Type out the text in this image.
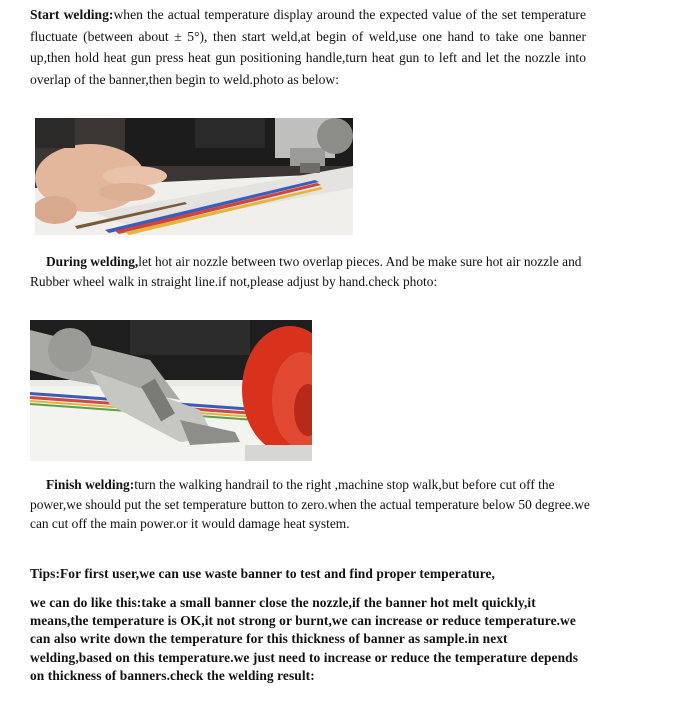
Start welding:when the actual temperature display around the expected value of the set temperature fluctuate (between about ± 5°), then start weld,at begin of weld,use one hand to take one banner up,then hold heat gun press heat gun positioning handle,turn heat gun to left and let the nozzle into overlap of the banner,then begin to weld.photo as below:
During welding,let hot air nozzle between two overlap pieces. And be make sure hot air nozzle and Rubber wheel walk in straight line.if not,please adjust by hand.check photo:
Finish welding:turn the walking handrail to the right ,machine stop walk,but before cut off the power,we should put the set temperature button to zero.when the actual temperature below 50 degree.we can cut off the main power.or it would damage heat system.
Tips:For first user,we can use waste banner to test and find proper temperature,
we can do like this:take a small banner close the nozzle,if the banner hot melt quickly,it means,the temperature is OK,it not strong or burnt,we can increase or reduce temperature.we can also write down the temperature for this thickness of banner as sample.in next welding,based on this temperature.we just need to increase or reduce the temperature depends on thickness of banners.check the welding result:
